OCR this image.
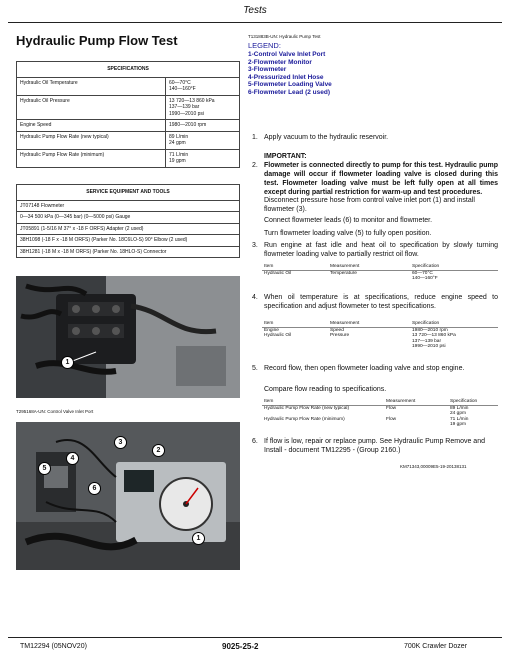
Tests
Hydraulic Pump Flow Test
SPECIFICATIONS	
Hydraulic Oil Temperature	60—70°C
140—160°F

Hydraulic Oil Pressure	13 720—13 860 kPa
137—139 bar
1990—2010 psi

Engine Speed	1980—2010 rpm

Hydraulic Pump Flow Rate (new typical)	89 L/min
24 gpm

Hydraulic Pump Flow Rate (minimum)	71 L/min
19 gpm
SERVICE EQUIPMENT AND TOOLS
JT07148 Flowmeter
0—34 500 kPa (0—345 bar) (0—5000 psi) Gauge
JT05891 (1-5/16 M 37° x -18 F ORFS) Adapter (2 used)
38H1098 (-18 F x -18 M ORFS) (Parker No. 18C6LO-S) 90° Elbow (2 used)
38H1281 (-18 M x -18 M ORFS) (Parker No. 18HLO-S) Connector
1
T295168A-UN: Control Valve Inlet Port
3
2
4
5
6
1
T131883B-UN: Hydraulic Pump Test
LEGEND:
1-Control Valve Inlet Port
2-Flowmeter Monitor
3-Flowmeter
4-Pressurized Inlet Hose
5-Flowmeter Loading Valve
6-Flowmeter Lead (2 used)
1. Apply vacuum to the hydraulic reservoir.
IMPORTANT:
2. Flowmeter is connected directly to pump for this test. Hydraulic pump damage will occur if flowmeter loading valve is closed during this test. Flowmeter loading valve must be left fully open at all times except during partial restriction for warm-up and test procedures.
Disconnect pressure hose from control valve inlet port (1) and install flowmeter (3).
Connect flowmeter leads (6) to monitor and flowmeter.
Turn flowmeter loading valve (5) to fully open position.
3. Run engine at fast idle and heat oil to specification by slowly turning flowmeter loading valve to partially restrict oil flow.
Item	Measurement	Specification
Hydraulic Oil	Temperature	60—70°C
140—160°F
4. When oil temperature is at specifications, reduce engine speed to specification and adjust flowmeter to test specifications.
Item	Measurement	Specification
Engine	Speed	1980—2010 rpm
Hydraulic Oil	Pressure	13 720—13 860 kPa
137—139 bar
1990—2010 psi
5. Record flow, then open flowmeter loading valve and stop engine.
Compare flow reading to specifications.
Item	Measurement	Specification
Hydraulic Pump Flow Rate (new typical)	Flow	89 L/min
24 gpm

Hydraulic Pump Flow Rate (minimum)	Flow	71 L/min
19 gpm
6. If flow is low, repair or replace pump. See Hydraulic Pump Remove and Install - document TM12295 - (Group 2160.)
KM71343,00009E5-19-20138131
TM12294 (05NOV20)	9025-25-2	700K Crawler Dozer
